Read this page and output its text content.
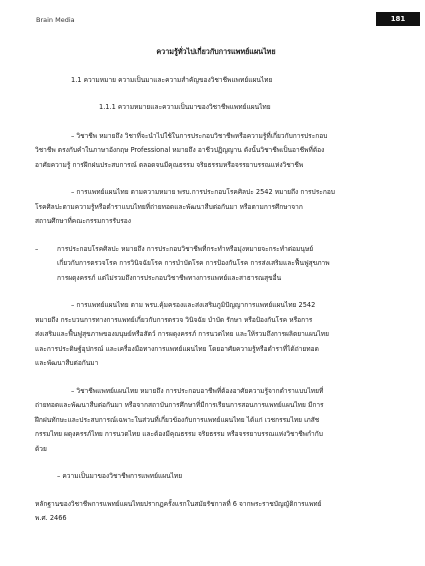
Brain Media	181
ความรู้ทั่วไปเกี่ยวกับการแพทย์แผนไทย
1.1 ความหมาย ความเป็นมาและความสำคัญของวิชาชีพแพทย์แผนไทย
1.1.1 ความหมายและความเป็นมาของวิชาชีพแพทย์แผนไทย
– วิชาชีพ หมายถึง วิชาที่จะนำไปใช้ในการประกอบวิชาชีพหรือความรู้ที่เกี่ยวกับการประกอบ
วิชาชีพ ตรงกับคำในภาษาอังกฤษ Professional หมายถึง อาชีวปฏิญญาน ดังนั้นวิชาชีพเป็นอาชีพที่ต้อง
อาศัยความรู้ การฝึกฝนประสบการณ์ ตลอดจนมีคุณธรรม จริยธรรมหรือจรรยาบรรณแห่งวิชาชีพ
– การแพทย์แผนไทย ตามความหมาย พรบ.การประกอบโรคศิลปะ 2542 หมายถึง การประกอบ
โรคศิลปะตามความรู้หรือตำราแบบไทยที่ถ่ายทอดและพัฒนาสืบต่อกันมา หรือตามการศึกษาจาก
สถานศึกษาที่คณะกรรมการรับรอง
–	การประกอบโรคศิลปะ หมายถึง การประกอบวิชาชีพที่กระทำหรือมุ่งหมายจะกระทำต่อมนุษย์
เกี่ยวกับการตรวจโรค การวินิจฉัยโรค การบำบัดโรค การป้องกันโรค การส่งเสริมและฟื้นฟูสุขภาพ
การผดุงครรภ์ แต่ไม่รวมถึงการประกอบวิชาชีพทางการแพทย์และสาธารณสุขอื่น
– การแพทย์แผนไทย ตาม พรบ.คุ้มครองและส่งเสริมภูมิปัญญาการแพทย์แผนไทย 2542
หมายถึง กระบวนการทางการแพทย์เกี่ยวกับการตรวจ วินิจฉัย บำบัด รักษา หรือป้องกันโรค หรือการ
ส่งเสริมและฟื้นฟูสุขภาพของมนุษย์หรือสัตว์ การผดุงครรภ์ การนวดไทย และให้รวมถึงการผลิตยาแผนไทย
และการประดิษฐ์อุปกรณ์ และเครื่องมือทางการแพทย์แผนไทย โดยอาศัยความรู้หรือตำราที่ได้ถ่ายทอด
และพัฒนาสืบต่อกันมา
– วิชาชีพแพทย์แผนไทย หมายถึง การประกอบอาชีพที่ต้องอาศัยความรู้จากตำราแบบไทยที่
ถ่ายทอดและพัฒนาสืบต่อกันมา หรือจากสถาบันการศึกษาที่มีการเรียนการสอนการแพทย์แผนไทย มีการ
ฝึกฝนทักษะและประสบการณ์เฉพาะในส่วนที่เกี่ยวข้องกับการแพทย์แผนไทย ได้แก่ เวชกรรมไทย เภสัช
กรรมไทย ผดุงครรภ์ไทย การนวดไทย และต้องมีคุณธรรม จริยธรรม หรือจรรยาบรรณแห่งวิชาชีพกำกับ
ด้วย
– ความเป็นมาของวิชาชีพการแพทย์แผนไทย
หลักฐานของวิชาชีพการแพทย์แผนไทยปรากฏครั้งแรกในสมัยรัชกาลที่ 6 จากพระราชบัญญัติการแพทย์
พ.ศ. 2466
